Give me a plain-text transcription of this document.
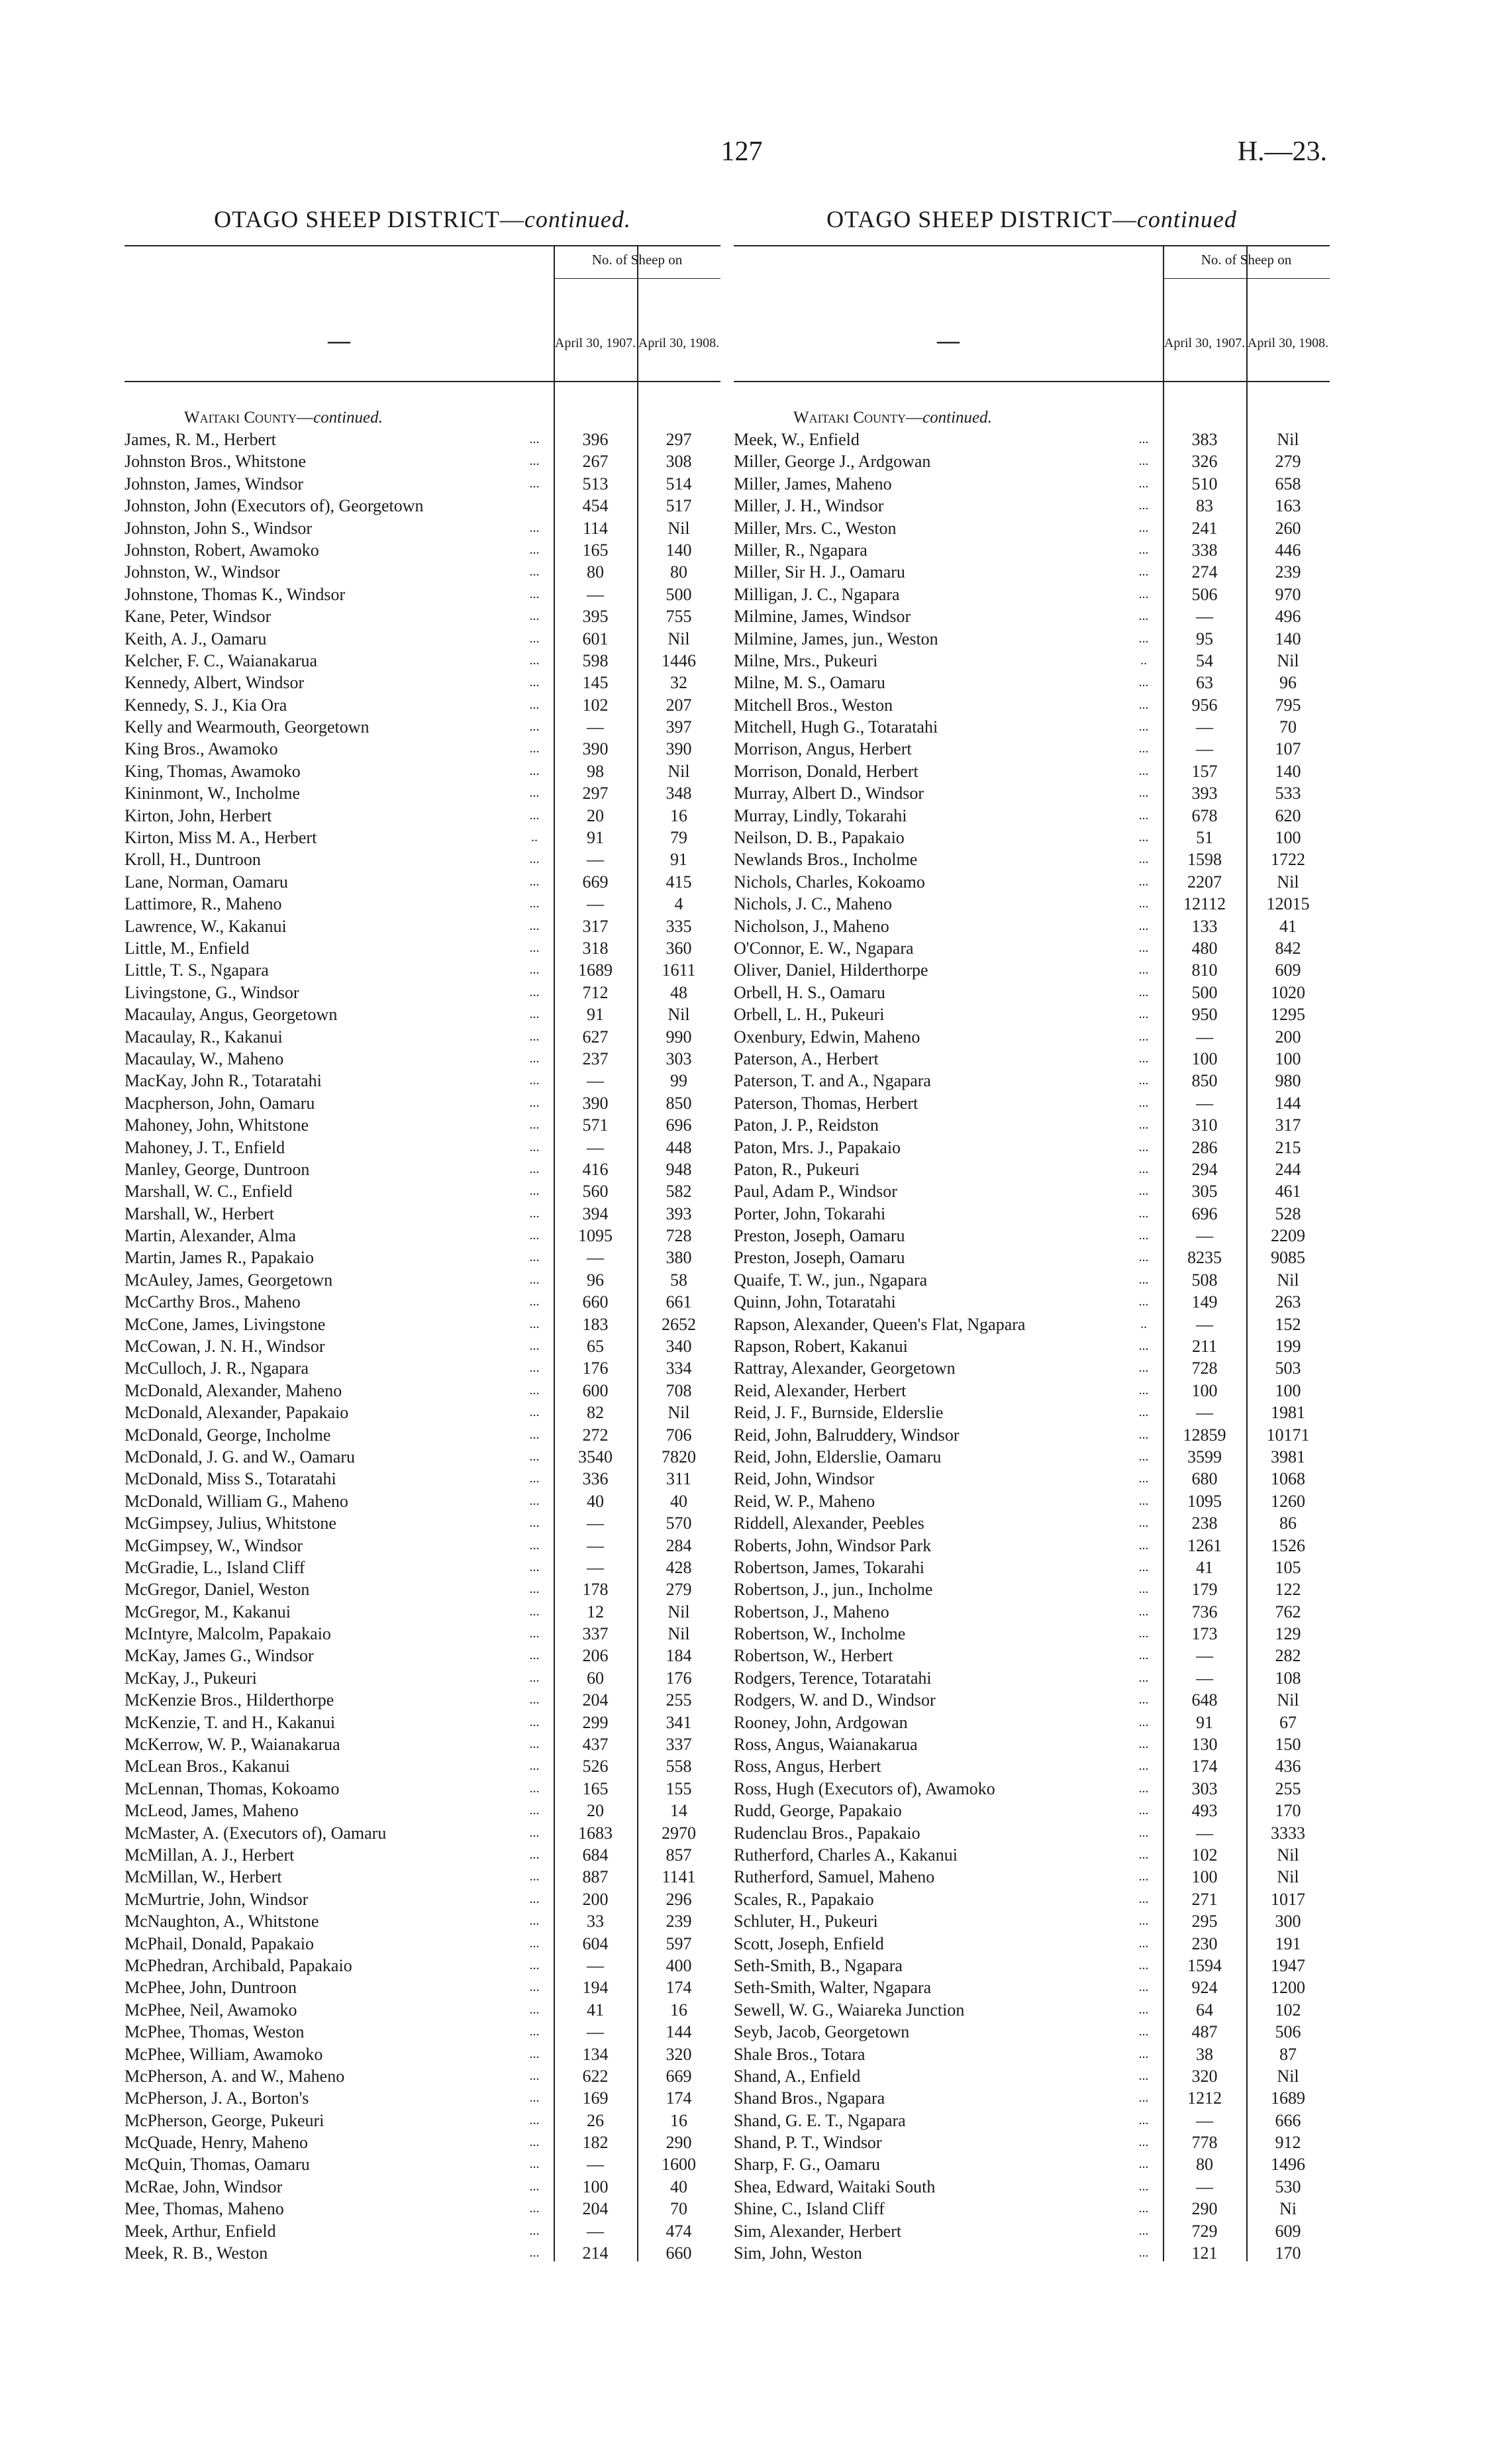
127	H.—23.
OTAGO SHEEP DISTRICT—continued.
—
No. of Sheep on
April 30, 1907. April 30, 1908.
Waitaki County—continued.
James, R. M., Herbert	...	396	297
Johnston Bros., Whitstone	...	267	308
Johnston, James, Windsor	...	513	514
Johnston, John (Executors of), Georgetown	454	517
Johnston, John S., Windsor	...	114	Nil
Johnston, Robert, Awamoko	...	165	140
Johnston, W., Windsor	...	80	80
Johnstone, Thomas K., Windsor	...	—	500
Kane, Peter, Windsor	...	395	755
Keith, A. J., Oamaru	...	601	Nil
Kelcher, F. C., Waianakarua	...	598	1446
Kennedy, Albert, Windsor	...	145	32
Kennedy, S. J., Kia Ora	...	102	207
Kelly and Wearmouth, Georgetown	...	—	397
King Bros., Awamoko	...	390	390
King, Thomas, Awamoko	...	98	Nil
Kininmont, W., Incholme	...	297	348
Kirton, John, Herbert	...	20	16
Kirton, Miss M. A., Herbert	..	91	79
Kroll, H., Duntroon	...	—	91
Lane, Norman, Oamaru	...	669	415
Lattimore, R., Maheno	...	—	4
Lawrence, W., Kakanui	...	317	335
Little, M., Enfield	...	318	360
Little, T. S., Ngapara	...	1689	1611
Livingstone, G., Windsor	...	712	48
Macaulay, Angus, Georgetown	...	91	Nil
Macaulay, R., Kakanui	...	627	990
Macaulay, W., Maheno	...	237	303
MacKay, John R., Totaratahi	...	—	99
Macpherson, John, Oamaru	...	390	850
Mahoney, John, Whitstone	...	571	696
Mahoney, J. T., Enfield	...	—	448
Manley, George, Duntroon	...	416	948
Marshall, W. C., Enfield	...	560	582
Marshall, W., Herbert	...	394	393
Martin, Alexander, Alma	...	1095	728
Martin, James R., Papakaio	...	—	380
McAuley, James, Georgetown	...	96	58
McCarthy Bros., Maheno	...	660	661
McCone, James, Livingstone	...	183	2652
McCowan, J. N. H., Windsor	...	65	340
McCulloch, J. R., Ngapara	...	176	334
McDonald, Alexander, Maheno	...	600	708
McDonald, Alexander, Papakaio	...	82	Nil
McDonald, George, Incholme	...	272	706
McDonald, J. G. and W., Oamaru	...	3540	7820
McDonald, Miss S., Totaratahi	...	336	311
McDonald, William G., Maheno	...	40	40
McGimpsey, Julius, Whitstone	...	—	570
McGimpsey, W., Windsor	...	—	284
McGradie, L., Island Cliff	...	—	428
McGregor, Daniel, Weston	...	178	279
McGregor, M., Kakanui	...	12	Nil
McIntyre, Malcolm, Papakaio	...	337	Nil
McKay, James G., Windsor	...	206	184
McKay, J., Pukeuri	...	60	176
McKenzie Bros., Hilderthorpe	...	204	255
McKenzie, T. and H., Kakanui	...	299	341
McKerrow, W. P., Waianakarua	...	437	337
McLean Bros., Kakanui	...	526	558
McLennan, Thomas, Kokoamo	...	165	155
McLeod, James, Maheno	...	20	14
McMaster, A. (Executors of), Oamaru	...	1683	2970
McMillan, A. J., Herbert	...	684	857
McMillan, W., Herbert	...	887	1141
McMurtrie, John, Windsor	...	200	296
McNaughton, A., Whitstone	...	33	239
McPhail, Donald, Papakaio	...	604	597
McPhedran, Archibald, Papakaio	...	—	400
McPhee, John, Duntroon	...	194	174
McPhee, Neil, Awamoko	...	41	16
McPhee, Thomas, Weston	...	—	144
McPhee, William, Awamoko	...	134	320
McPherson, A. and W., Maheno	...	622	669
McPherson, J. A., Borton's	...	169	174
McPherson, George, Pukeuri	...	26	16
McQuade, Henry, Maheno	...	182	290
McQuin, Thomas, Oamaru	...	—	1600
McRae, John, Windsor	...	100	40
Mee, Thomas, Maheno	...	204	70
Meek, Arthur, Enfield	...	—	474
Meek, R. B., Weston	...	214	660
OTAGO SHEEP DISTRICT—continued
—
No. of Sheep on
April 30, 1907. April 30, 1908.
Waitaki County—continued.
Meek, W., Enfield	...	383	Nil
Miller, George J., Ardgowan	...	326	279
Miller, James, Maheno	...	510	658
Miller, J. H., Windsor	...	83	163
Miller, Mrs. C., Weston	...	241	260
Miller, R., Ngapara	...	338	446
Miller, Sir H. J., Oamaru	...	274	239
Milligan, J. C., Ngapara	...	506	970
Milmine, James, Windsor	...	—	496
Milmine, James, jun., Weston	...	95	140
Milne, Mrs., Pukeuri	..	54	Nil
Milne, M. S., Oamaru	...	63	96
Mitchell Bros., Weston	...	956	795
Mitchell, Hugh G., Totaratahi	...	—	70
Morrison, Angus, Herbert	...	—	107
Morrison, Donald, Herbert	...	157	140
Murray, Albert D., Windsor	...	393	533
Murray, Lindly, Tokarahi	...	678	620
Neilson, D. B., Papakaio	...	51	100
Newlands Bros., Incholme	...	1598	1722
Nichols, Charles, Kokoamo	...	2207	Nil
Nichols, J. C., Maheno	...	12112	12015
Nicholson, J., Maheno	...	133	41
O'Connor, E. W., Ngapara	...	480	842
Oliver, Daniel, Hilderthorpe	...	810	609
Orbell, H. S., Oamaru	...	500	1020
Orbell, L. H., Pukeuri	...	950	1295
Oxenbury, Edwin, Maheno	...	—	200
Paterson, A., Herbert	...	100	100
Paterson, T. and A., Ngapara	...	850	980
Paterson, Thomas, Herbert	...	—	144
Paton, J. P., Reidston	...	310	317
Paton, Mrs. J., Papakaio	...	286	215
Paton, R., Pukeuri	...	294	244
Paul, Adam P., Windsor	...	305	461
Porter, John, Tokarahi	...	696	528
Preston, Joseph, Oamaru	...	—	2209
Preston, Joseph, Oamaru	...	8235	9085
Quaife, T. W., jun., Ngapara	...	508	Nil
Quinn, John, Totaratahi	...	149	263
Rapson, Alexander, Queen's Flat, Ngapara	..	—	152
Rapson, Robert, Kakanui	...	211	199
Rattray, Alexander, Georgetown	...	728	503
Reid, Alexander, Herbert	...	100	100
Reid, J. F., Burnside, Elderslie	...	—	1981
Reid, John, Balruddery, Windsor	...	12859	10171
Reid, John, Elderslie, Oamaru	...	3599	3981
Reid, John, Windsor	...	680	1068
Reid, W. P., Maheno	...	1095	1260
Riddell, Alexander, Peebles	...	238	86
Roberts, John, Windsor Park	...	1261	1526
Robertson, James, Tokarahi	...	41	105
Robertson, J., jun., Incholme	...	179	122
Robertson, J., Maheno	...	736	762
Robertson, W., Incholme	...	173	129
Robertson, W., Herbert	...	—	282
Rodgers, Terence, Totaratahi	...	—	108
Rodgers, W. and D., Windsor	...	648	Nil
Rooney, John, Ardgowan	...	91	67
Ross, Angus, Waianakarua	...	130	150
Ross, Angus, Herbert	...	174	436
Ross, Hugh (Executors of), Awamoko	...	303	255
Rudd, George, Papakaio	...	493	170
Rudenclau Bros., Papakaio	...	—	3333
Rutherford, Charles A., Kakanui	...	102	Nil
Rutherford, Samuel, Maheno	...	100	Nil
Scales, R., Papakaio	...	271	1017
Schluter, H., Pukeuri	...	295	300
Scott, Joseph, Enfield	...	230	191
Seth-Smith, B., Ngapara	...	1594	1947
Seth-Smith, Walter, Ngapara	...	924	1200
Sewell, W. G., Waiareka Junction	...	64	102
Seyb, Jacob, Georgetown	...	487	506
Shale Bros., Totara	...	38	87
Shand, A., Enfield	...	320	Nil
Shand Bros., Ngapara	...	1212	1689
Shand, G. E. T., Ngapara	...	—	666
Shand, P. T., Windsor	...	778	912
Sharp, F. G., Oamaru	...	80	1496
Shea, Edward, Waitaki South	...	—	530
Shine, C., Island Cliff	...	290	Ni
Sim, Alexander, Herbert	...	729	609
Sim, John, Weston	...	121	170
